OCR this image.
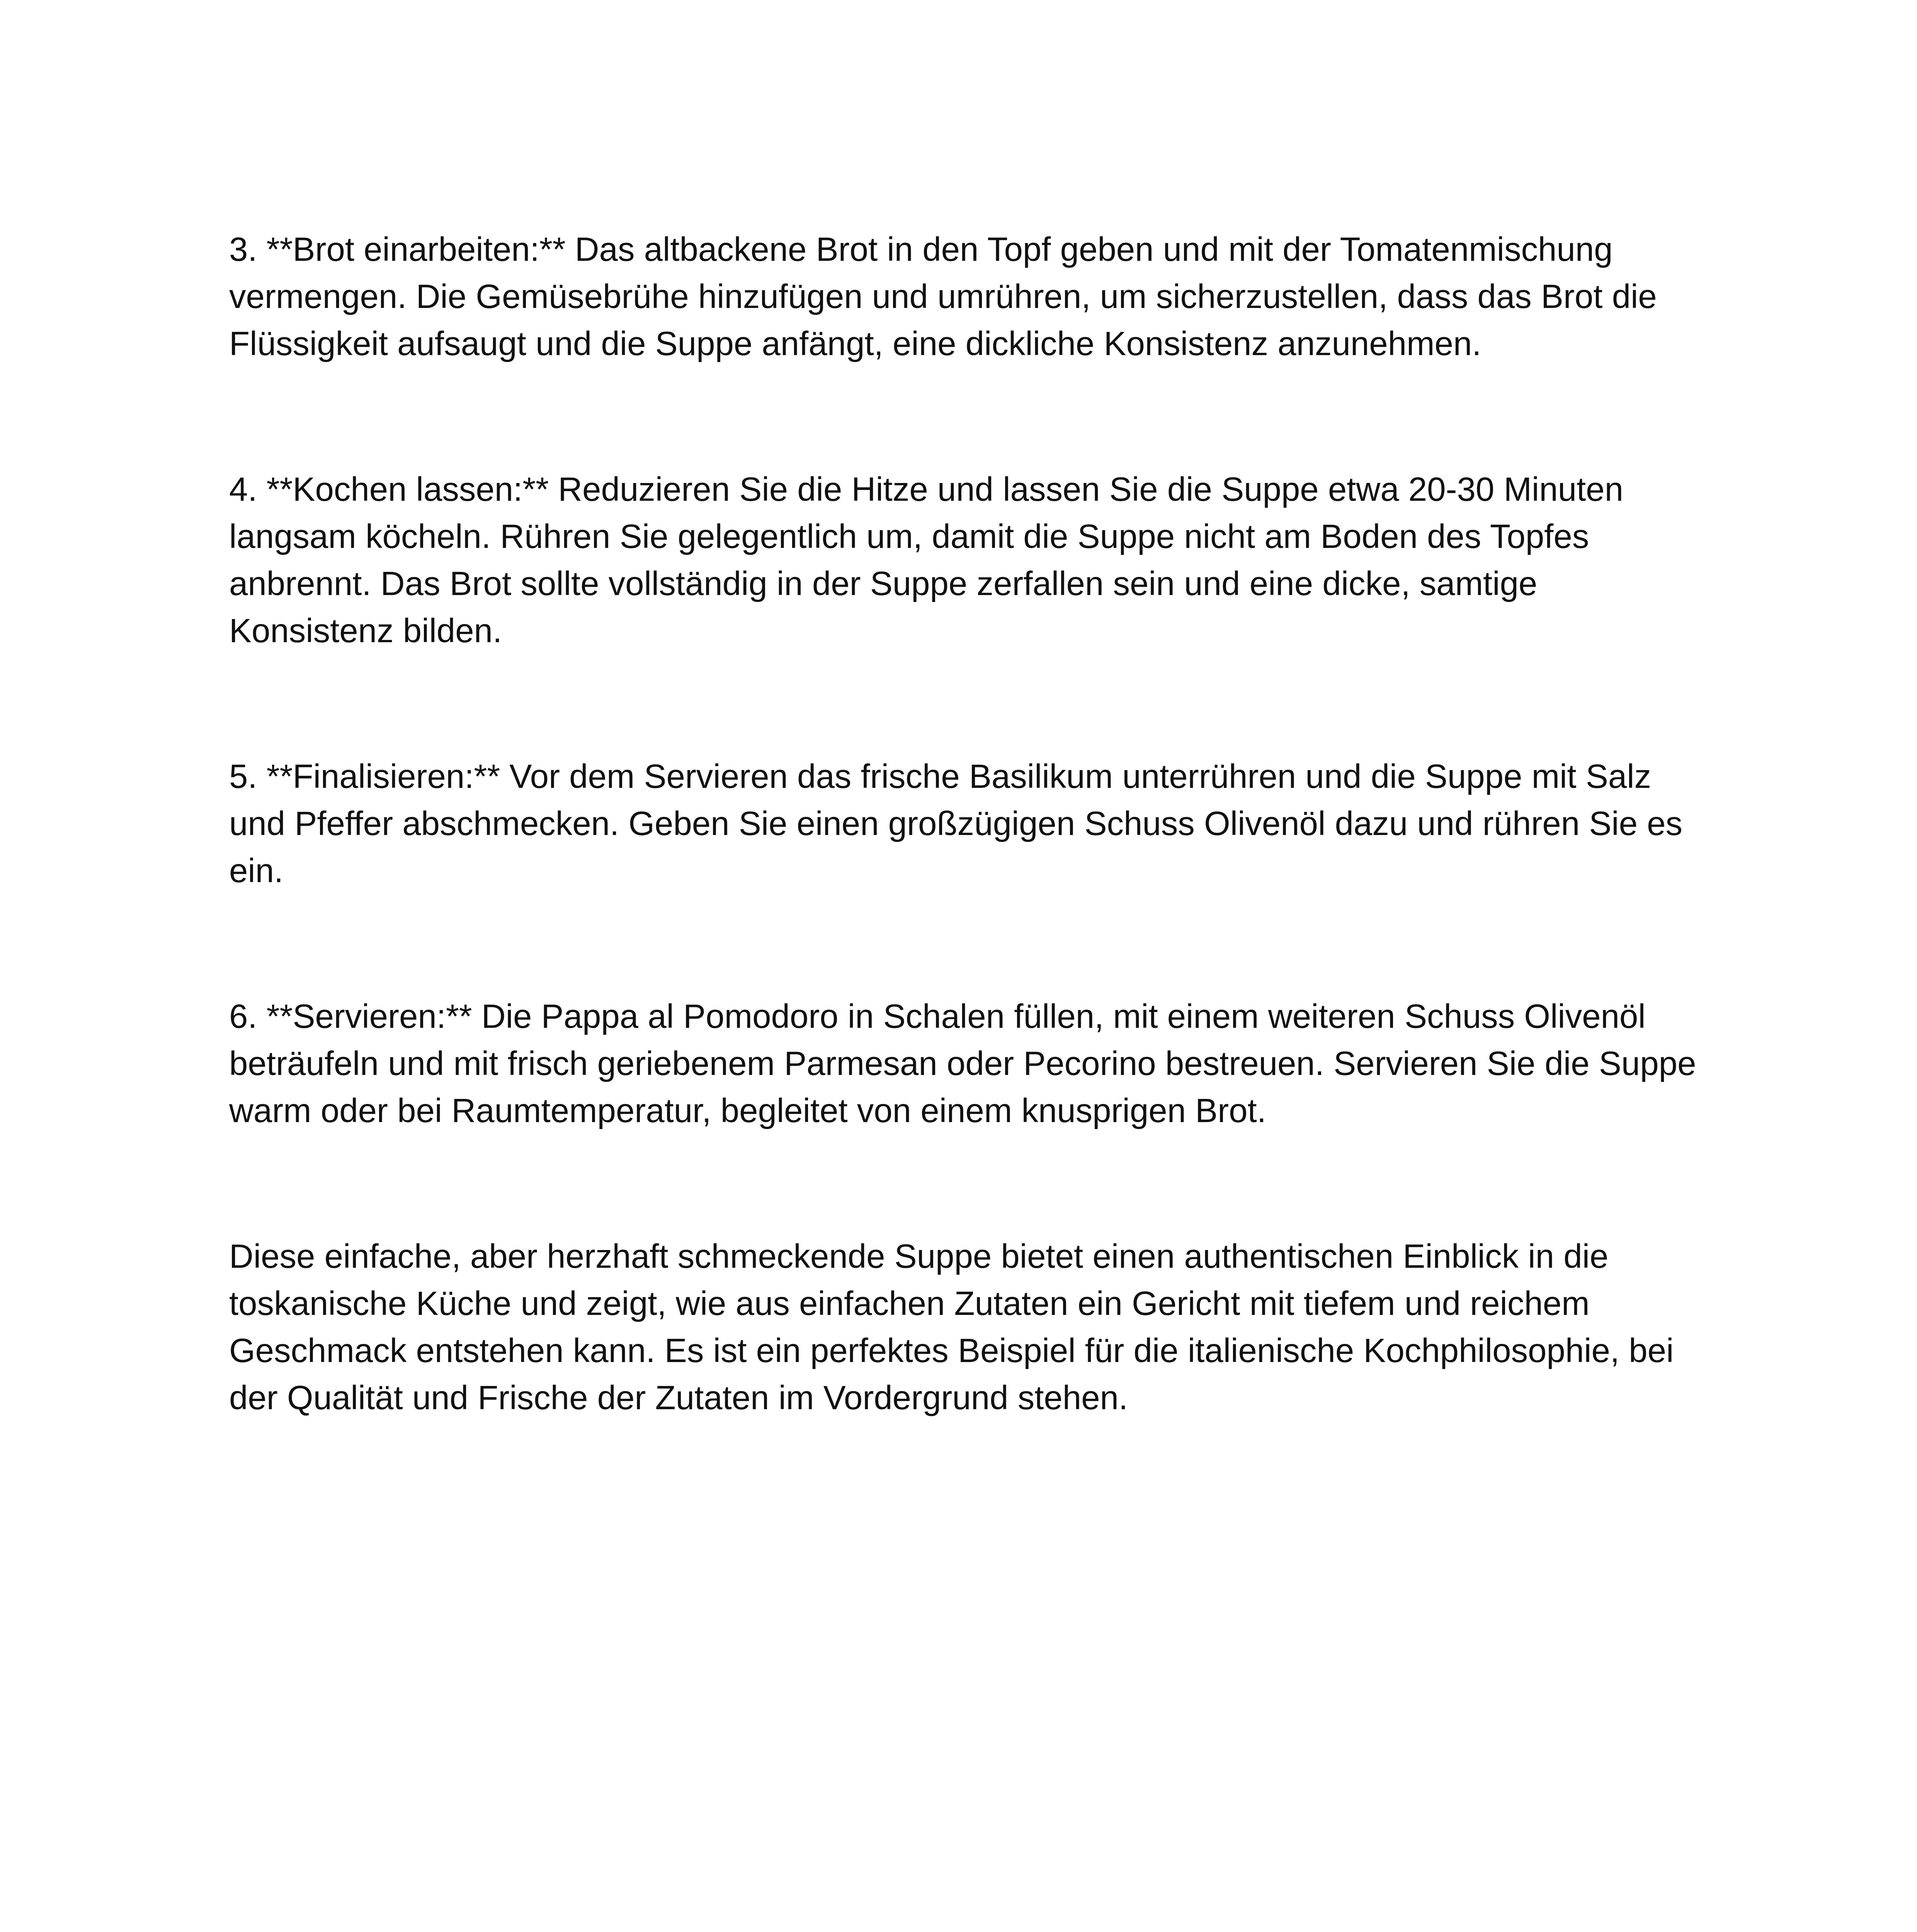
3. **Brot einarbeiten:** Das altbackene Brot in den Topf geben und mit der Tomatenmischung vermengen. Die Gemüsebrühe hinzufügen und umrühren, um sicherzustellen, dass das Brot die Flüssigkeit aufsaugt und die Suppe anfängt, eine dickliche Konsistenz anzunehmen.

4. **Kochen lassen:** Reduzieren Sie die Hitze und lassen Sie die Suppe etwa 20-30 Minuten langsam köcheln. Rühren Sie gelegentlich um, damit die Suppe nicht am Boden des Topfes anbrennt. Das Brot sollte vollständig in der Suppe zerfallen sein und eine dicke, samtige Konsistenz bilden.

5. **Finalisieren:** Vor dem Servieren das frische Basilikum unterrühren und die Suppe mit Salz und Pfeffer abschmecken. Geben Sie einen großzügigen Schuss Olivenöl dazu und rühren Sie es ein.

6. **Servieren:** Die Pappa al Pomodoro in Schalen füllen, mit einem weiteren Schuss Olivenöl beträufeln und mit frisch geriebenem Parmesan oder Pecorino bestreuen. Servieren Sie die Suppe warm oder bei Raumtemperatur, begleitet von einem knusprigen Brot.

Diese einfache, aber herzhaft schmeckende Suppe bietet einen authentischen Einblick in die toskanische Küche und zeigt, wie aus einfachen Zutaten ein Gericht mit tiefem und reichem Geschmack entstehen kann. Es ist ein perfektes Beispiel für die italienische Kochphilosophie, bei der Qualität und Frische der Zutaten im Vordergrund stehen.
